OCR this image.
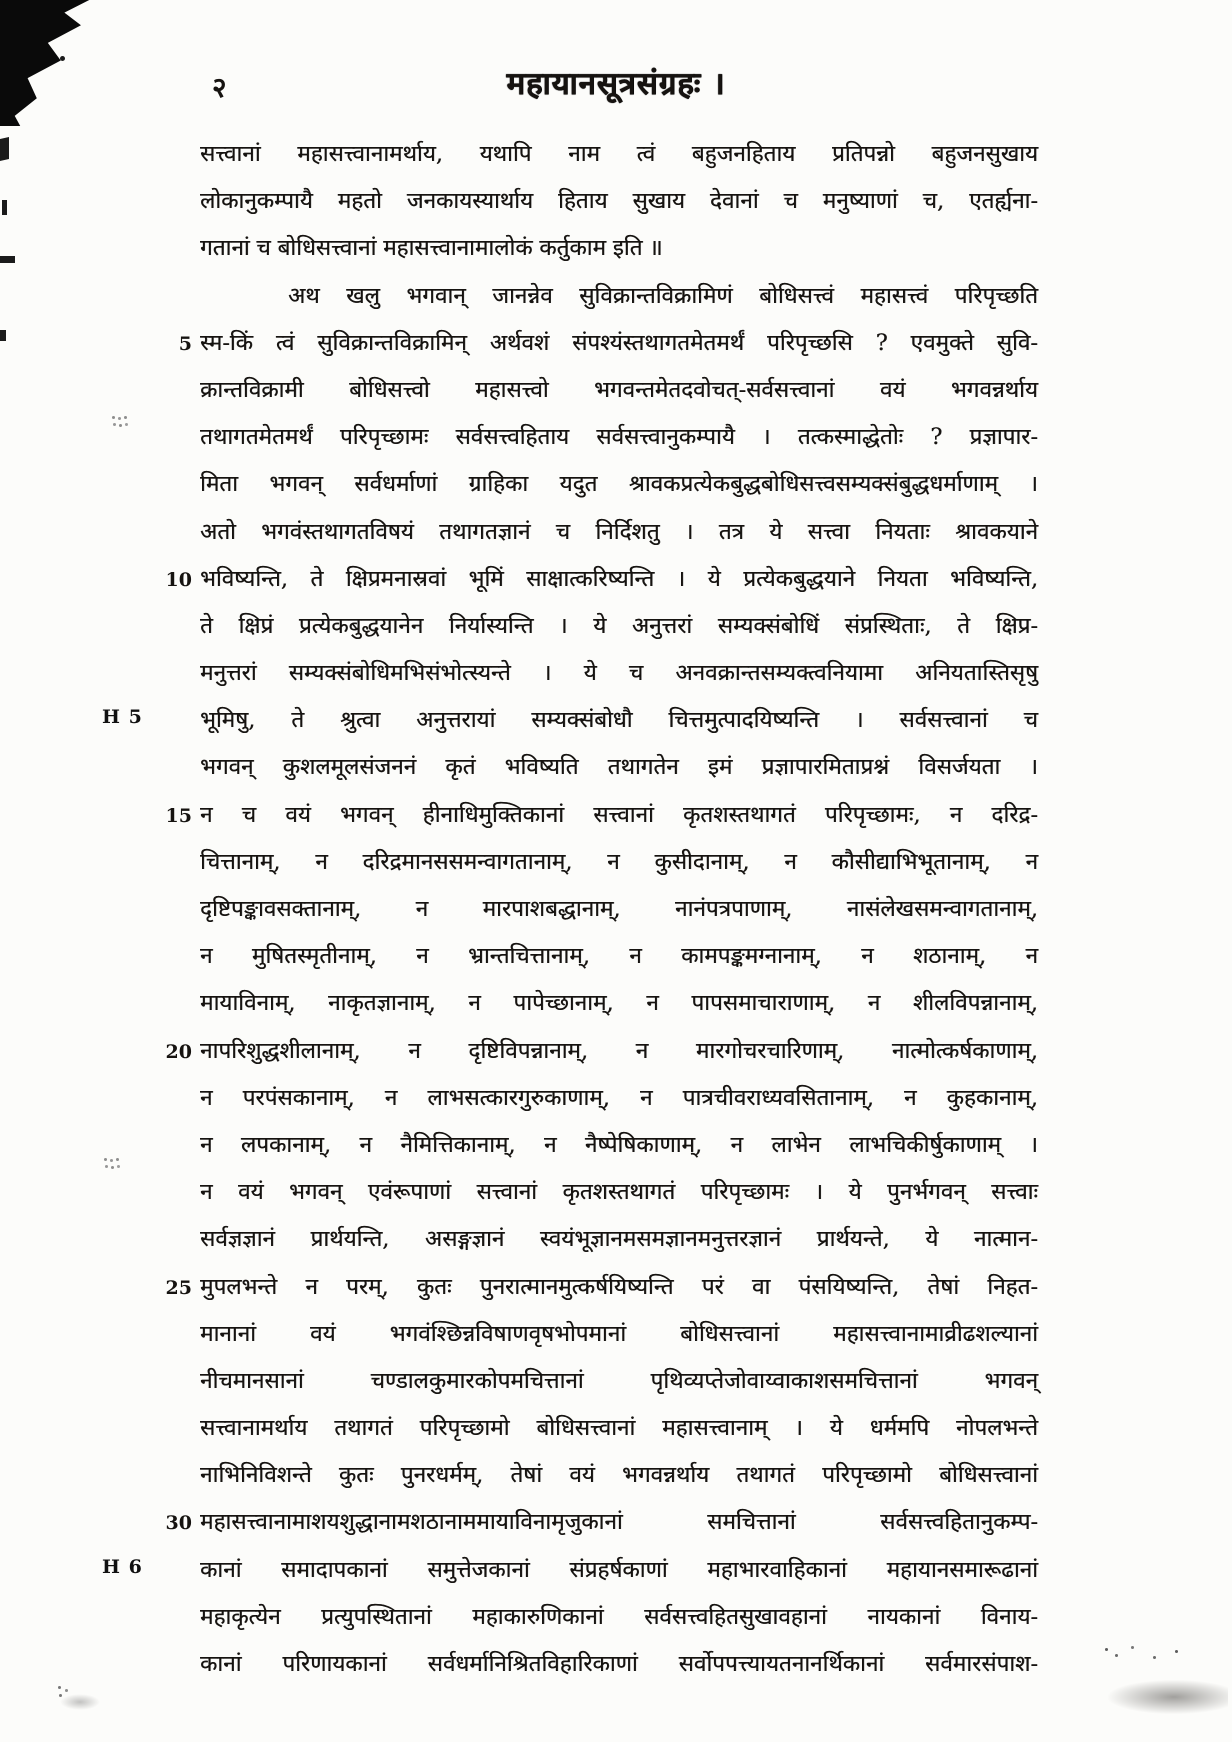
२	महायानसूत्रसंग्रहः ।
सत्त्वानां महासत्त्वानामर्थाय, यथापि नाम त्वं बहुजनहिताय प्रतिपन्नो बहुजनसुखाय
लोकानुकम्पायै महतो जनकायस्यार्थाय हिताय सुखाय देवानां च मनुष्याणां च, एतर्ह्यना-
गतानां च बोधिसत्त्वानां महासत्त्वानामालोकं कर्तुकाम इति ॥
अथ खलु भगवान् जानन्नेव सुविक्रान्तविक्रामिणं बोधिसत्त्वं महासत्त्वं परिपृच्छति
5 स्म-किं त्वं सुविक्रान्तविक्रामिन् अर्थवशं संपश्यंस्तथागतमेतमर्थं परिपृच्छसि ? एवमुक्ते सुवि-
क्रान्तविक्रामी बोधिसत्त्वो महासत्त्वो भगवन्तमेतदवोचत्-सर्वसत्त्वानां वयं भगवन्नर्थाय
तथागतमेतमर्थं परिपृच्छामः सर्वसत्त्वहिताय सर्वसत्त्वानुकम्पायै । तत्कस्माद्धेतोः ? प्रज्ञापार-
मिता भगवन् सर्वधर्माणां ग्राहिका यदुत श्रावकप्रत्येकबुद्धबोधिसत्त्वसम्यक्संबुद्धधर्माणाम् ।
अतो भगवंस्तथागतविषयं तथागतज्ञानं च निर्दिशतु । तत्र ये सत्त्वा नियताः श्रावकयाने
10 भविष्यन्ति, ते क्षिप्रमनास्रवां भूमिं साक्षात्करिष्यन्ति । ये प्रत्येकबुद्धयाने नियता भविष्यन्ति,
ते क्षिप्रं प्रत्येकबुद्धयानेन निर्यास्यन्ति । ये अनुत्तरां सम्यक्संबोधिं संप्रस्थिताः, ते क्षिप्र-
मनुत्तरां सम्यक्संबोधिमभिसंभोत्स्यन्ते । ये च अनवक्रान्तसम्यक्त्वनियामा अनियतास्तिसृषु
भूमिषु, ते श्रुत्वा अनुत्तरायां सम्यक्संबोधौ चित्तमुत्पादयिष्यन्ति । सर्वसत्त्वानां च
भगवन् कुशलमूलसंजननं कृतं भविष्यति तथागतेन इमं प्रज्ञापारमिताप्रश्नं विसर्जयता ।
15 न च वयं भगवन् हीनाधिमुक्तिकानां सत्त्वानां कृतशस्तथागतं परिपृच्छामः, न दरिद्र-
चित्तानाम्, न दरिद्रमानससमन्वागतानाम्, न कुसीदानाम्, न कौसीद्याभिभूतानाम्, न
दृष्टिपङ्कावसक्तानाम्, न मारपाशबद्धानाम्, नानंपत्रपाणाम्, नासंलेखसमन्वागतानाम्,
न मुषितस्मृतीनाम्, न भ्रान्तचित्तानाम्, न कामपङ्कमग्नानाम्, न शठानाम्, न
मायाविनाम्, नाकृतज्ञानाम्, न पापेच्छानाम्, न पापसमाचाराणाम्, न शीलविपन्नानाम्,
20 नापरिशुद्धशीलानाम्, न दृष्टिविपन्नानाम्, न मारगोचरचारिणाम्, नात्मोत्कर्षकाणाम्,
न परपंसकानाम्, न लाभसत्कारगुरुकाणाम्, न पात्रचीवराध्यवसितानाम्, न कुहकानाम्,
न लपकानाम्, न नैमित्तिकानाम्, न नैष्पेषिकाणाम्, न लाभेन लाभचिकीर्षुकाणाम् ।
न वयं भगवन् एवंरूपाणां सत्त्वानां कृतशस्तथागतं परिपृच्छामः । ये पुनर्भगवन् सत्त्वाः
सर्वज्ञज्ञानं प्रार्थयन्ति, असङ्गज्ञानं स्वयंभूज्ञानमसमज्ञानमनुत्तरज्ञानं प्रार्थयन्ते, ये नात्मान-
25 मुपलभन्ते न परम्, कुतः पुनरात्मानमुत्कर्षयिष्यन्ति परं वा पंसयिष्यन्ति, तेषां निहत-
मानानां वयं भगवंश्छिन्नविषाणवृषभोपमानां बोधिसत्त्वानां महासत्त्वानामाव्रीढशल्यानां
नीचमानसानां	चण्डालकुमारकोपमचित्तानां	पृथिव्यप्तेजोवाय्वाकाशसमचित्तानां	भगवन्
सत्त्वानामर्थाय तथागतं परिपृच्छामो बोधिसत्त्वानां महासत्त्वानाम् । ये धर्ममपि नोपलभन्ते
नाभिनिविशन्ते कुतः पुनरधर्मम्, तेषां वयं भगवन्नर्थाय तथागतं परिपृच्छामो बोधिसत्त्वानां
30 महासत्त्वानामाशयशुद्धानामशठानाममायाविनामृजुकानां	समचित्तानां	सर्वसत्त्वहितानुकम्प-
कानां समादापकानां समुत्तेजकानां संप्रहर्षकाणां महाभारवाहिकानां महायानसमारूढानां
महाकृत्येन प्रत्युपस्थितानां महाकारुणिकानां सर्वसत्त्वहितसुखावहानां नायकानां विनाय-
कानां परिणायकानां सर्वधर्मानिश्रितविहारिकाणां सर्वोपपत्त्यायतनानर्थिकानां सर्वमारसंपाश-
H 5
H 6
